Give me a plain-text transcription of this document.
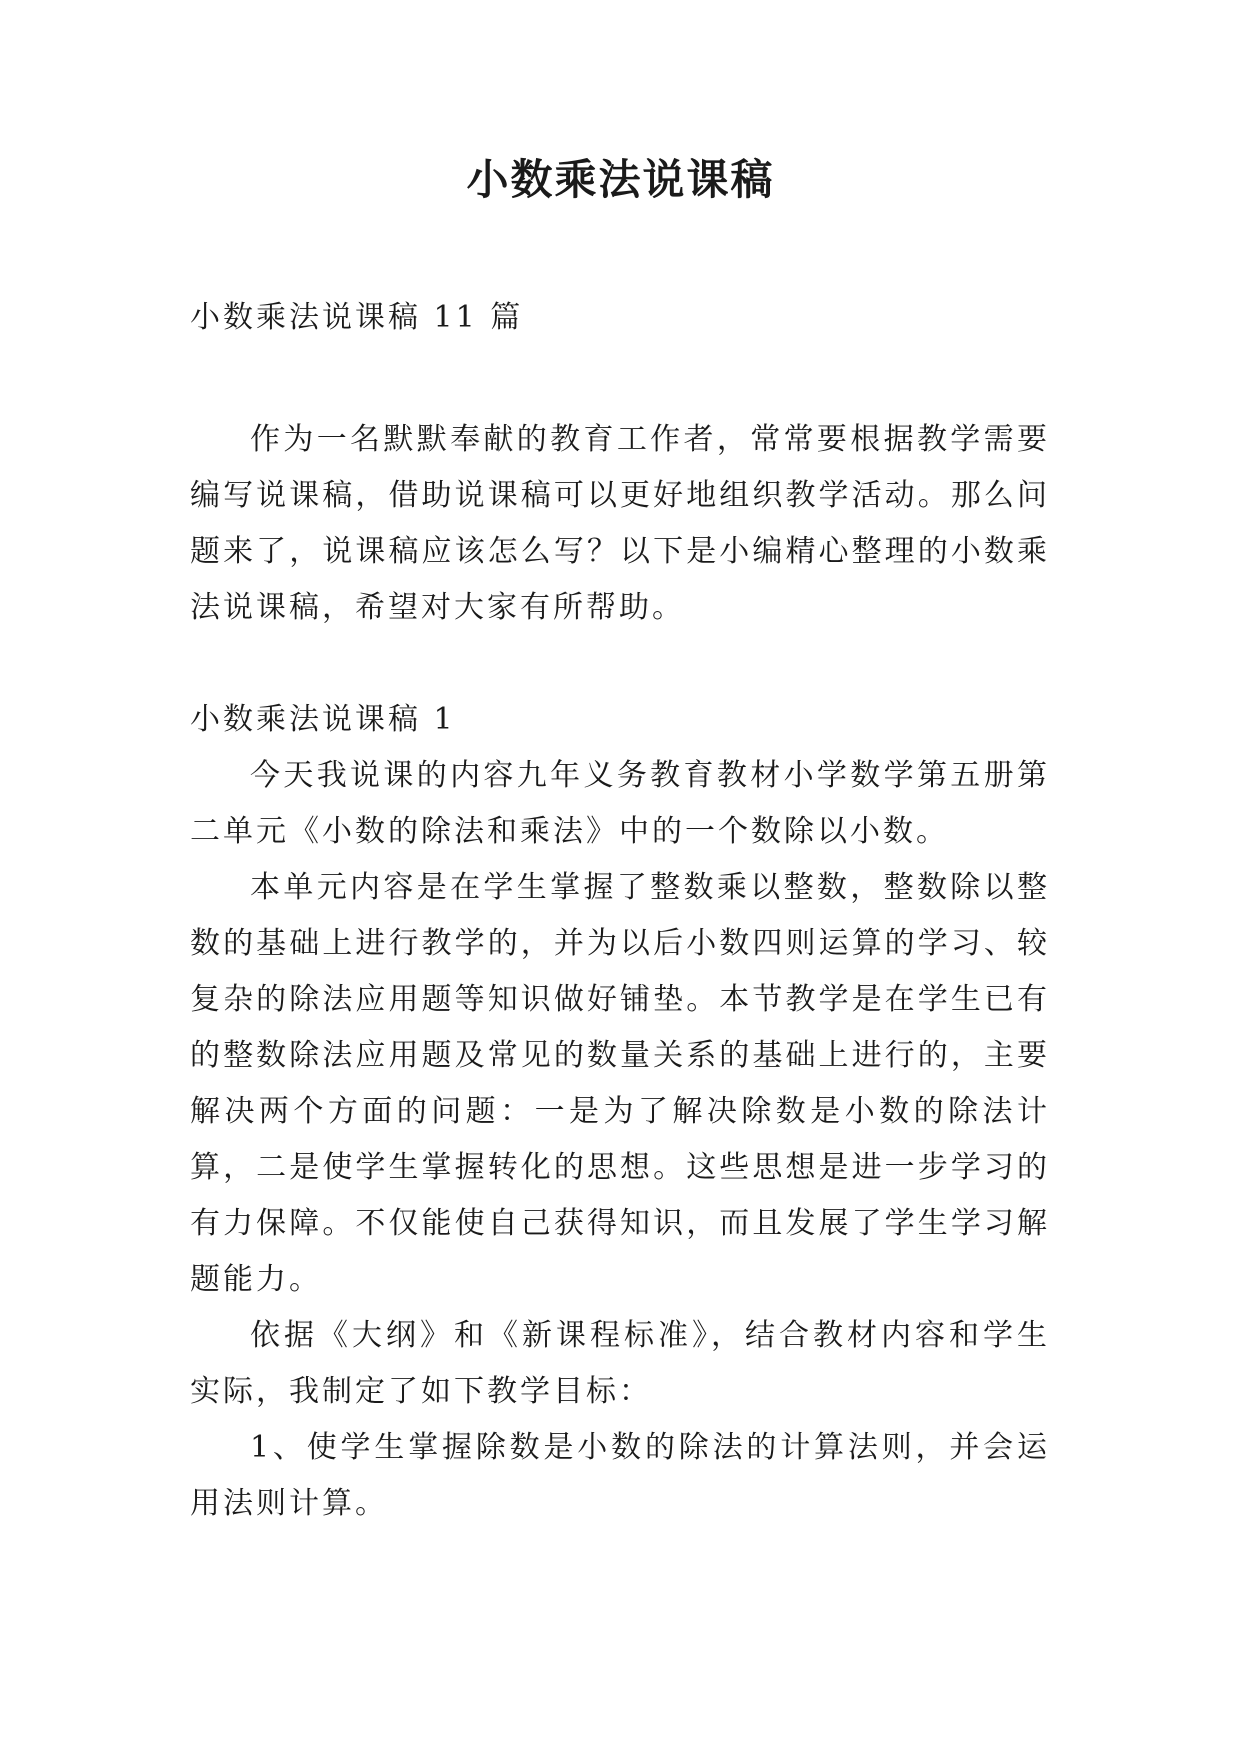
小数乘法说课稿
小数乘法说课稿 11 篇

作为一名默默奉献的教育工作者，常常要根据教学需要编写说课稿，借助说课稿可以更好地组织教学活动。那么问题来了，说课稿应该怎么写？以下是小编精心整理的小数乘法说课稿，希望对大家有所帮助。

小数乘法说课稿 1

今天我说课的内容九年义务教育教材小学数学第五册第二单元《小数的除法和乘法》中的一个数除以小数。

本单元内容是在学生掌握了整数乘以整数，整数除以整数的基础上进行教学的，并为以后小数四则运算的学习、较复杂的除法应用题等知识做好铺垫。本节教学是在学生已有的整数除法应用题及常见的数量关系的基础上进行的，主要解决两个方面的问题：一是为了解决除数是小数的除法计算，二是使学生掌握转化的思想。这些思想是进一步学习的有力保障。不仅能使自己获得知识，而且发展了学生学习解题能力。

依据《大纲》和《新课程标准》，结合教材内容和学生实际，我制定了如下教学目标：

1、使学生掌握除数是小数的除法的计算法则，并会运用法则计算。
